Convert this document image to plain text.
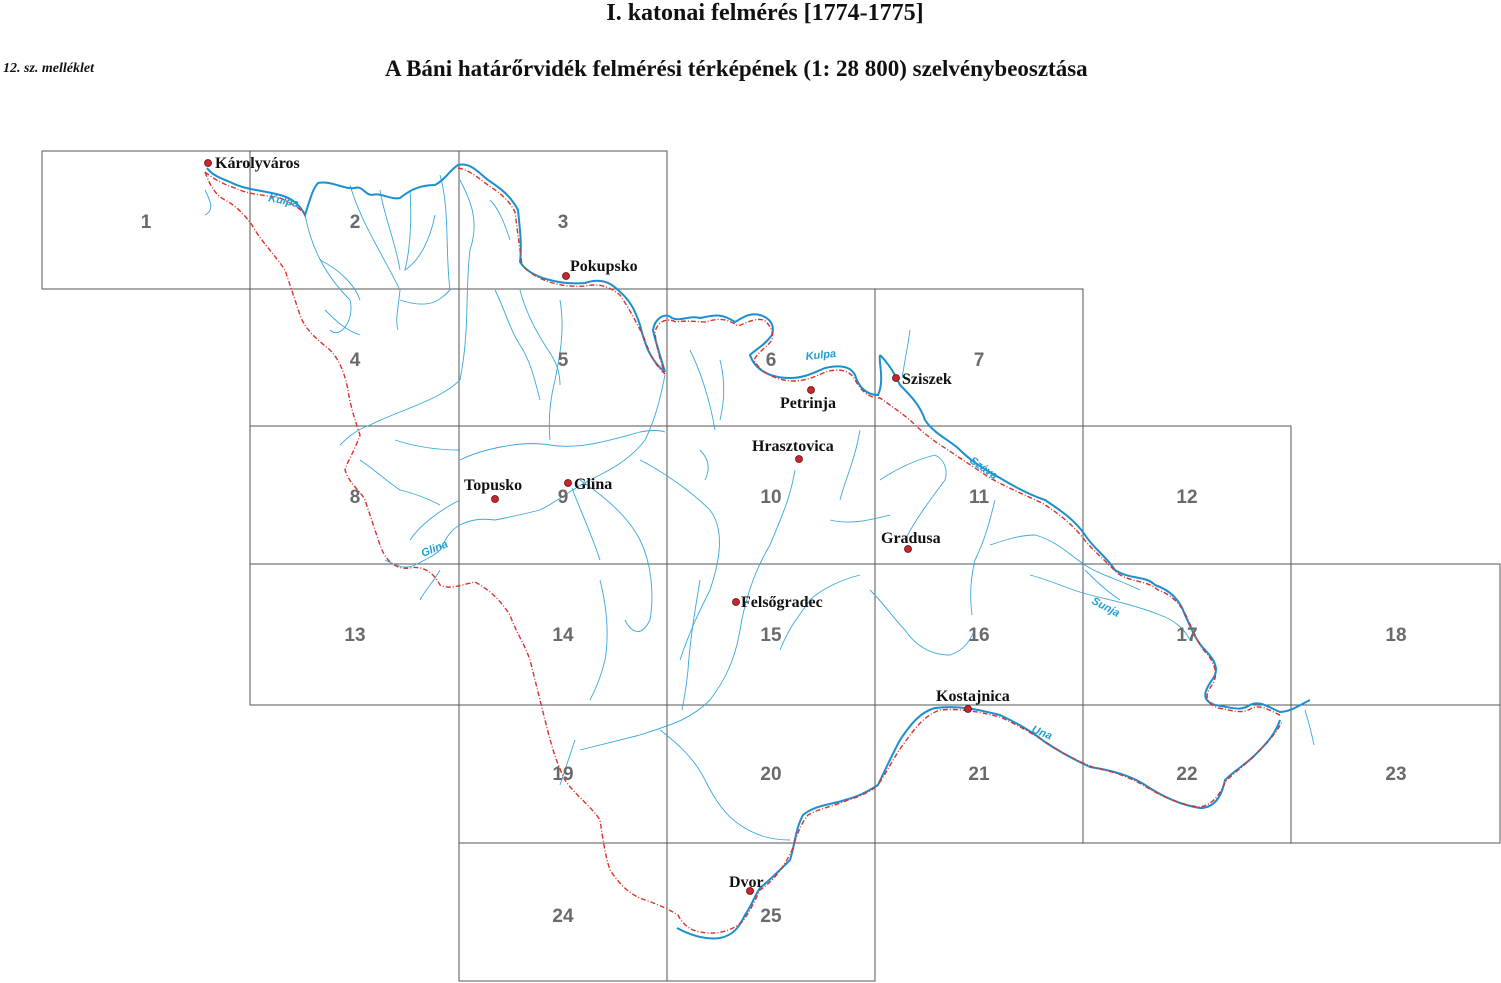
I. katonai felmérés [1774-1775]
A Báni határőrvidék felmérési térképének (1: 28 800) szelvénybeosztása
12. sz. melléklet
1	2	3
4	5	6	7
8	9	10	11	12
13	14	15	16	17	18
19	20	21	22	23
24	25
Kulpa
Kulpa
Száva
Glina
Sunja
Una
Károlyváros
Pokupsko
Sziszek
Petrinja
Hrasztovica
Topusko	Glina
Gradusa
Felsőgradec
Kostajnica
Dvor
